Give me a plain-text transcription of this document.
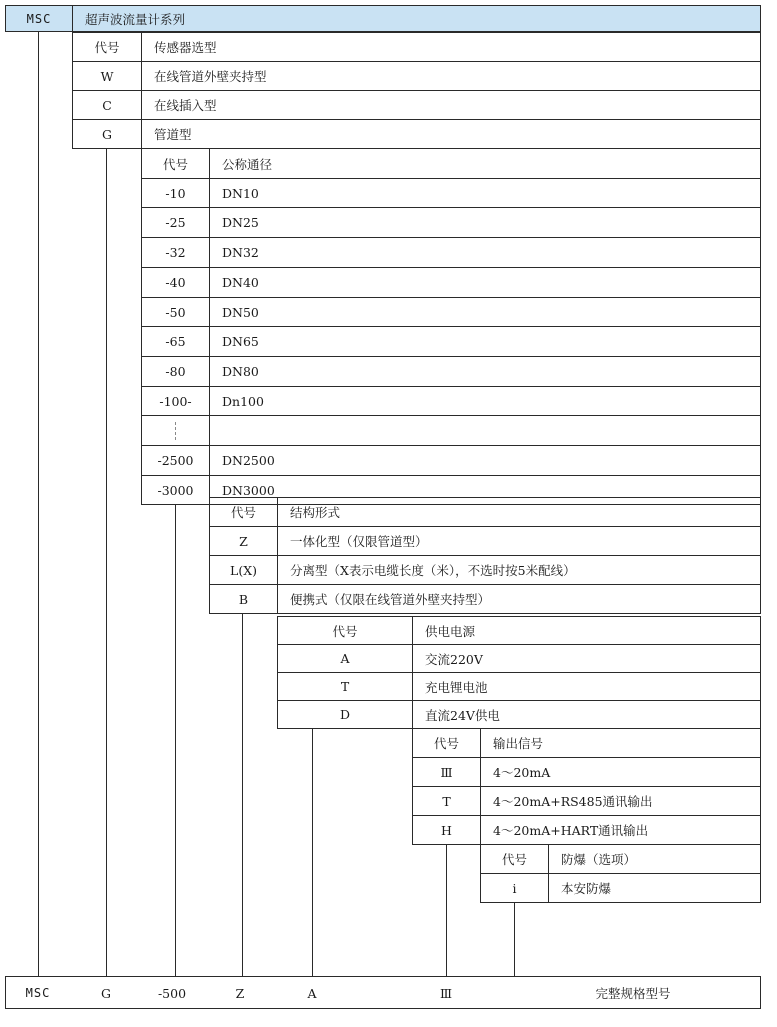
MSC	超声波流量计系列
代号	传感器选型
W	在线管道外壁夹持型
C	在线插入型
G	管道型
代号	公称通径
-10	DN10
-25	DN25
-32	DN32
-40	DN40
-50	DN50
-65	DN65
-80	DN80
-100-	Dn100
-2500	DN2500
-3000	DN3000
代号	结构形式
Z	一体化型（仅限管道型）
L(X)	分离型（X表示电缆长度（米），不选时按5米配线）
B	便携式（仅限在线管道外壁夹持型）
代号	供电电源
A	交流220V
T	充电锂电池
D	直流24V供电
代号	输出信号
Ⅲ	4～20mA
T	4～20mA+RS485通讯输出
H	4～20mA+HART通讯输出
代号	防爆（选项）
i	本安防爆
MSC	G	-500	Z	A	Ⅲ	完整规格型号
